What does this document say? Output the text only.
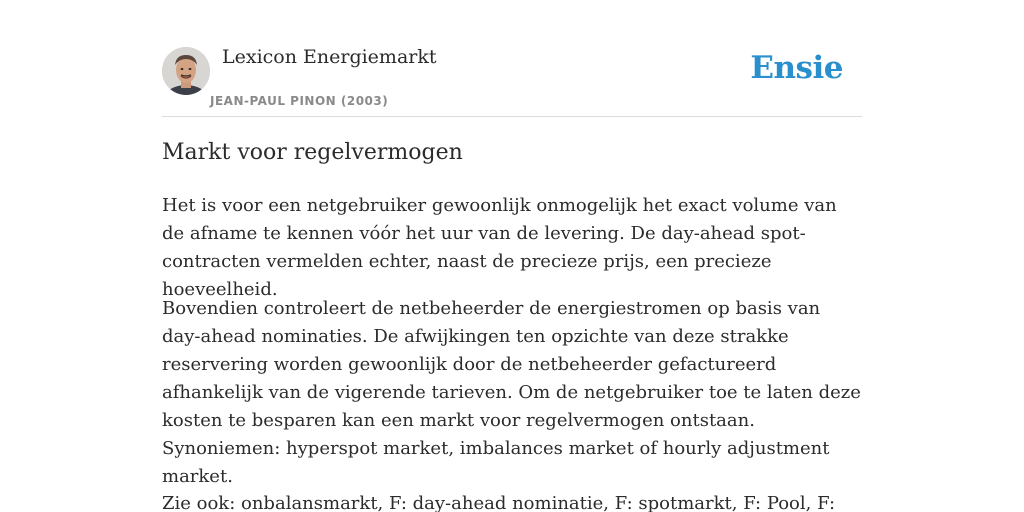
Lexicon Energiemarkt
JEAN-PAUL PINON (2003)
Ensie
Markt voor regelvermogen

Het is voor een netgebruiker gewoonlijk onmogelijk het exact volume van de afname te kennen vóór het uur van de levering. De day-ahead spot-contracten vermelden echter, naast de precieze prijs, een precieze hoeveelheid.

Bovendien controleert de netbeheerder de energiestromen op basis van day-ahead nominaties. De afwijkingen ten opzichte van deze strakke reservering worden gewoonlijk door de netbeheerder gefactureerd afhankelijk van de vigerende tarieven. Om de netgebruiker toe te laten deze kosten te besparen kan een markt voor regelvermogen ontstaan. Synoniemen: hyperspot market, imbalances market of hourly adjustment market.

Zie ook: onbalansmarkt, F: day-ahead nominatie, F: spotmarkt, F: Pool, F:
